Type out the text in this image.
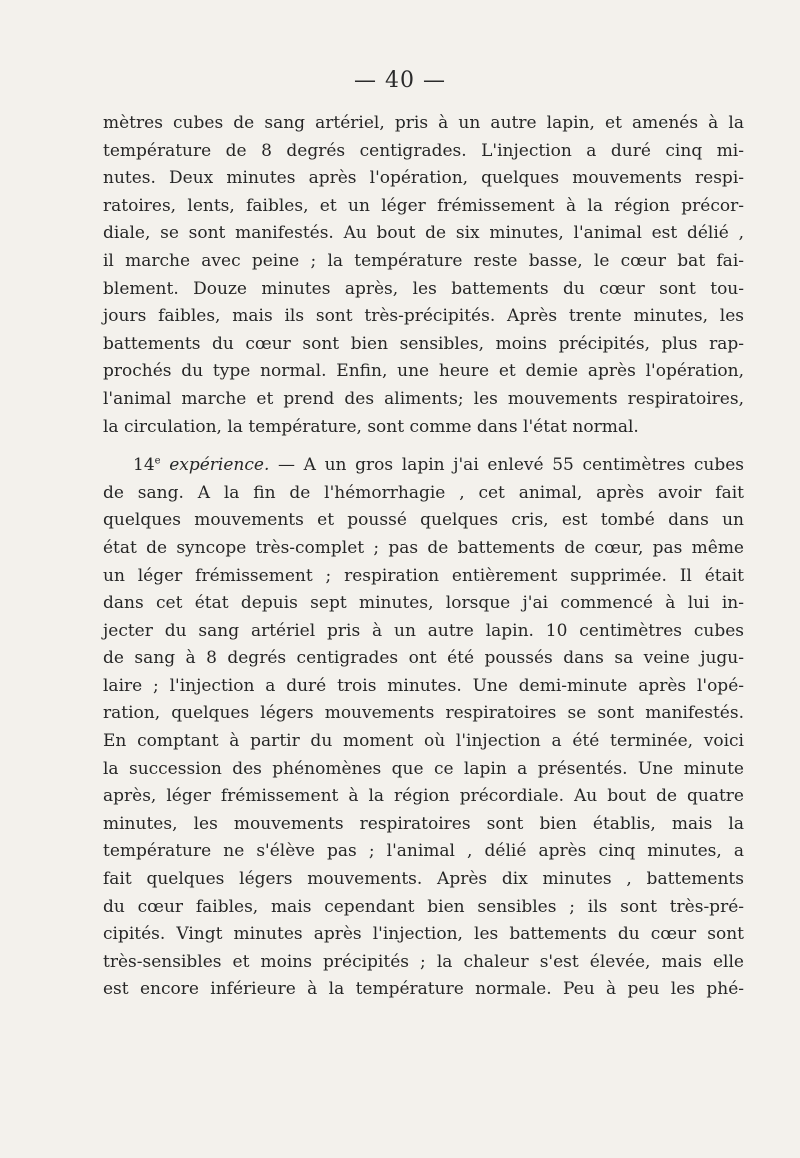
— 40 —

mètres cubes de sang artériel, pris à un autre lapin, et amenés à la
température de 8 degrés centigrades. L'injection a duré cinq mi-
nutes. Deux minutes après l'opération, quelques mouvements respi-
ratoires, lents, faibles, et un léger frémissement à la région précor-
diale, se sont manifestés. Au bout de six minutes, l'animal est délié ,
il marche avec peine ; la température reste basse, le cœur bat fai-
blement. Douze minutes après, les battements du cœur sont tou-
jours faibles, mais ils sont très-précipités. Après trente minutes, les
battements du cœur sont bien sensibles, moins précipités, plus rap-
prochés du type normal. Enfin, une heure et demie après l'opération,
l'animal marche et prend des aliments; les mouvements respiratoires,
la circulation, la température, sont comme dans l'état normal.

14e expérience. — A un gros lapin j'ai enlevé 55 centimètres cubes
de sang. A la fin de l'hémorrhagie , cet animal, après avoir fait
quelques mouvements et poussé quelques cris, est tombé dans un
état de syncope très-complet ; pas de battements de cœur, pas même
un léger frémissement ; respiration entièrement supprimée. Il était
dans cet état depuis sept minutes, lorsque j'ai commencé à lui in-
jecter du sang artériel pris à un autre lapin. 10 centimètres cubes
de sang à 8 degrés centigrades ont été poussés dans sa veine jugu-
laire ; l'injection a duré trois minutes. Une demi-minute après l'opé-
ration, quelques légers mouvements respiratoires se sont manifestés.
En comptant à partir du moment où l'injection a été terminée, voici
la succession des phénomènes que ce lapin a présentés. Une minute
après, léger frémissement à la région précordiale. Au bout de quatre
minutes, les mouvements respiratoires sont bien établis, mais la
température ne s'élève pas ; l'animal , délié après cinq minutes, a
fait quelques légers mouvements. Après dix minutes , battements
du cœur faibles, mais cependant bien sensibles ; ils sont très-pré-
cipités. Vingt minutes après l'injection, les battements du cœur sont
très-sensibles et moins précipités ; la chaleur s'est élevée, mais elle
est encore inférieure à la température normale. Peu à peu les phé-
